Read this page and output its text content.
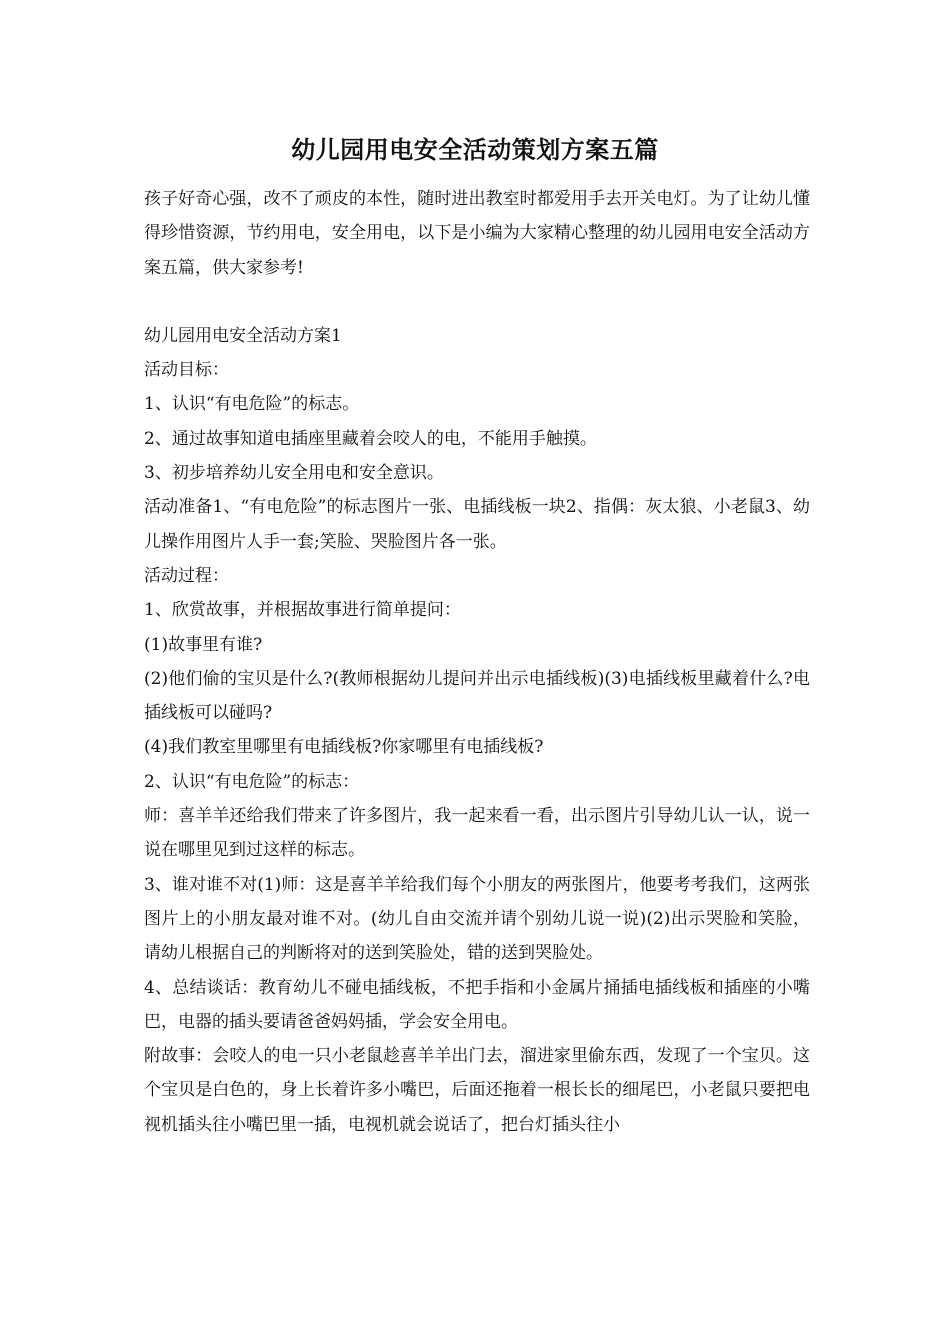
幼儿园用电安全活动策划方案五篇

孩子好奇心强，改不了顽皮的本性，随时进出教室时都爱用手去开关电灯。为了让幼儿懂得珍惜资源，节约用电，安全用电，以下是小编为大家精心整理的幼儿园用电安全活动方案五篇，供大家参考!

幼儿园用电安全活动方案1

活动目标：

1、认识“有电危险”的标志。

2、通过故事知道电插座里藏着会咬人的电，不能用手触摸。

3、初步培养幼儿安全用电和安全意识。

活动准备1、“有电危险”的标志图片一张、电插线板一块2、指偶：灰太狼、小老鼠3、幼儿操作用图片人手一套;笑脸、哭脸图片各一张。

活动过程：

1、欣赏故事，并根据故事进行简单提问：

(1)故事里有谁?

(2)他们偷的宝贝是什么?(教师根据幼儿提问并出示电插线板)(3)电插线板里藏着什么?电插线板可以碰吗?

(4)我们教室里哪里有电插线板?你家哪里有电插线板?

2、认识“有电危险”的标志：

师：喜羊羊还给我们带来了许多图片，我一起来看一看，出示图片引导幼儿认一认，说一说在哪里见到过这样的标志。

3、谁对谁不对(1)师：这是喜羊羊给我们每个小朋友的两张图片，他要考考我们，这两张图片上的小朋友最对谁不对。(幼儿自由交流并请个别幼儿说一说)(2)出示哭脸和笑脸，请幼儿根据自己的判断将对的送到笑脸处，错的送到哭脸处。

4、总结谈话：教育幼儿不碰电插线板，不把手指和小金属片捅插电插线板和插座的小嘴巴，电器的插头要请爸爸妈妈插，学会安全用电。

附故事：会咬人的电一只小老鼠趁喜羊羊出门去，溜进家里偷东西，发现了一个宝贝。这个宝贝是白色的，身上长着许多小嘴巴，后面还拖着一根长长的细尾巴，小老鼠只要把电视机插头往小嘴巴里一插，电视机就会说话了，把台灯插头往小
